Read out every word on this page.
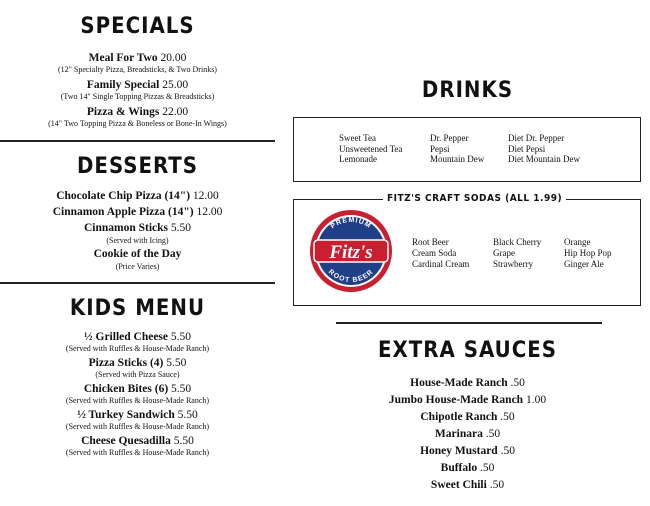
SPECIALS
Meal For Two 20.00
(12" Specialty Pizza, Breadsticks, & Two Drinks)
Family Special 25.00
(Two 14" Single Topping Pizzas & Breadsticks)
Pizza & Wings 22.00
(14" Two Topping Pizza & Boneless or Bone-In Wings)
DESSERTS
Chocolate Chip Pizza (14") 12.00
Cinnamon Apple Pizza (14") 12.00
Cinnamon Sticks 5.50
(Served with Icing)
Cookie of the Day
(Price Varies)
KIDS MENU
½ Grilled Cheese 5.50
(Served with Ruffles & House-Made Ranch)
Pizza Sticks (4) 5.50
(Served with Pizza Sauce)
Chicken Bites (6) 5.50
(Served with Ruffles & House-Made Ranch)
½ Turkey Sandwich 5.50
(Served with Ruffles & House-Made Ranch)
Cheese Quesadilla 5.50
(Served with Ruffles & House-Made Ranch)
DRINKS
Sweet Tea
Unsweetened Tea
Lemonade
Dr. Pepper
Pepsi
Mountain Dew
Diet Dr. Pepper
Diet Pepsi
Diet Mountain Dew
PREMIUM
ROOT BEER
Fitz's	Root Beer
Cream Soda
Cardinal Cream
Black Cherry
Grape
Strawberry
Orange
Hip Hop Pop
Ginger Ale
FITZ'S CRAFT SODAS (ALL 1.99)
EXTRA SAUCES
House-Made Ranch .50
Jumbo House-Made Ranch 1.00
Chipotle Ranch .50
Marinara .50
Honey Mustard .50
Buffalo .50
Sweet Chili .50
